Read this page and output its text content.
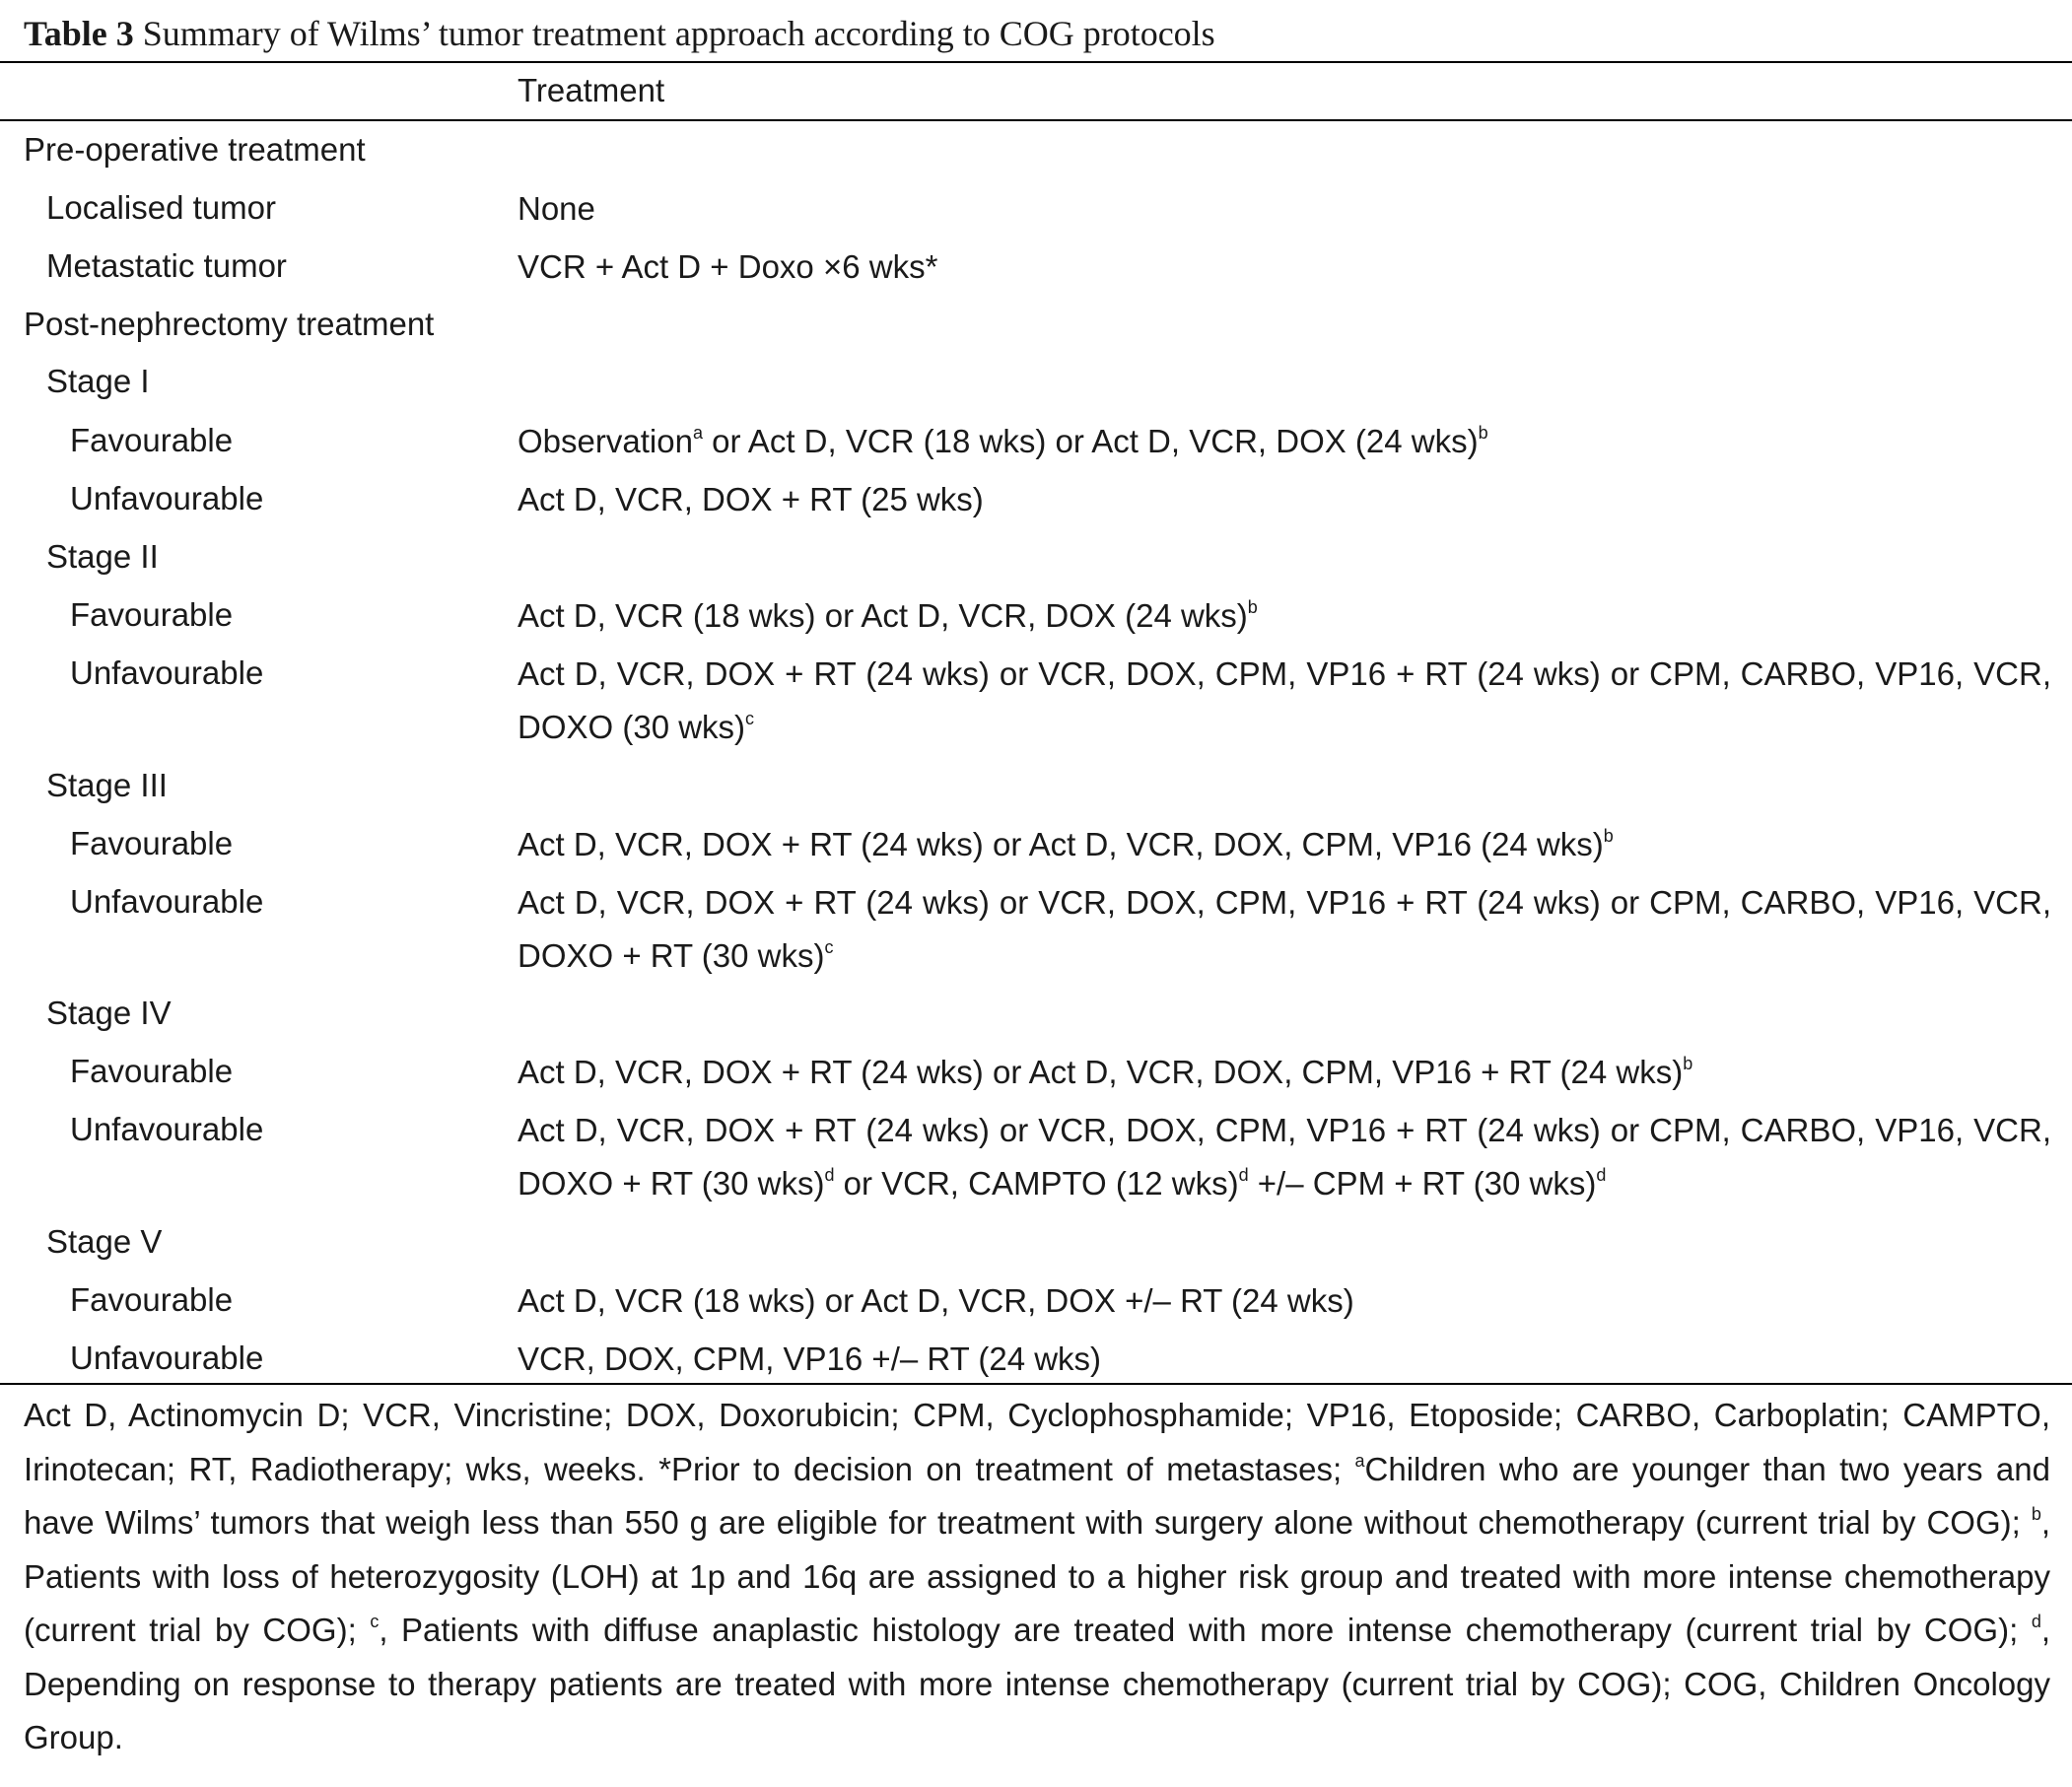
Table 3 Summary of Wilms’ tumor treatment approach according to COG protocols
Treatment
Pre-operative treatment
Localised tumor	None
Metastatic tumor	VCR + Act D + Doxo ×6 wks*
Post-nephrectomy treatment
Stage I
Favourable	Observation$^a$ or Act D, VCR (18 wks) or Act D, VCR, DOX (24 wks)$^b$
Unfavourable	Act D, VCR, DOX + RT (25 wks)
Stage II
Favourable	Act D, VCR (18 wks) or Act D, VCR, DOX (24 wks)$^b$
Unfavourable	Act D, VCR, DOX + RT (24 wks) or VCR, DOX, CPM, VP16 + RT (24 wks) or CPM, CARBO, VP16, VCR, DOXO (30 wks)$^c$
Stage III
Favourable	Act D, VCR, DOX + RT (24 wks) or Act D, VCR, DOX, CPM, VP16 (24 wks)$^b$
Unfavourable	Act D, VCR, DOX + RT (24 wks) or VCR, DOX, CPM, VP16 + RT (24 wks) or CPM, CARBO, VP16, VCR, DOXO + RT (30 wks)$^c$
Stage IV
Favourable	Act D, VCR, DOX + RT (24 wks) or Act D, VCR, DOX, CPM, VP16 + RT (24 wks)$^b$
Unfavourable	Act D, VCR, DOX + RT (24 wks) or VCR, DOX, CPM, VP16 + RT (24 wks) or CPM, CARBO, VP16, VCR, DOXO + RT (30 wks)$^d$ or VCR, CAMPTO (12 wks)$^d$ +/– CPM + RT (30 wks)$^d$
Stage V
Favourable	Act D, VCR (18 wks) or Act D, VCR, DOX +/– RT (24 wks)
Unfavourable	VCR, DOX, CPM, VP16 +/– RT (24 wks)
Act D, Actinomycin D; VCR, Vincristine; DOX, Doxorubicin; CPM, Cyclophosphamide; VP16, Etoposide; CARBO, Carboplatin; CAMPTO, Irinotecan; RT, Radiotherapy; wks, weeks. *Prior to decision on treatment of metastases; $^a$Children who are younger than two years and have Wilms’ tumors that weigh less than 550 g are eligible for treatment with surgery alone without chemotherapy (current trial by COG); $^b$, Patients with loss of heterozygosity (LOH) at 1p and 16q are assigned to a higher risk group and treated with more intense chemotherapy (current trial by COG); $^c$, Patients with diffuse anaplastic histology are treated with more intense chemotherapy (current trial by COG); $^d$, Depending on response to therapy patients are treated with more intense chemotherapy (current trial by COG); COG, Children Oncology Group.
